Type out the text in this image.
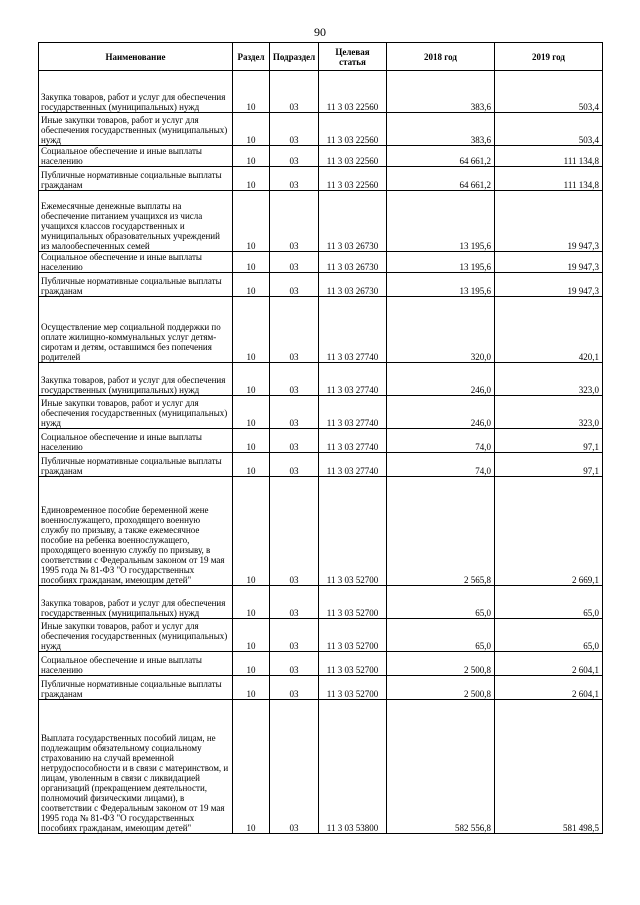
90
Наименование	Раздел	Подраздел	Целевая статья	2018 год	2019 год
Закупка товаров, работ и услуг для обеспечения государственных (муниципальных) нужд	10	03	11 3 03 22560	383,6	503,4
Иные закупки товаров, работ и услуг для обеспечения государственных (муниципальных) нужд	10	03	11 3 03 22560	383,6	503,4
Социальное обеспечение и иные выплаты населению	10	03	11 3 03 22560	64 661,2	111 134,8
Публичные нормативные социальные выплаты гражданам	10	03	11 3 03 22560	64 661,2	111 134,8
Ежемесячные денежные выплаты на обеспечение питанием учащихся из числа учащихся классов государственных и муниципальных образовательных учреждений из малообеспеченных семей	10	03	11 3 03 26730	13 195,6	19 947,3
Социальное обеспечение и иные выплаты населению	10	03	11 3 03 26730	13 195,6	19 947,3
Публичные нормативные социальные выплаты гражданам	10	03	11 3 03 26730	13 195,6	19 947,3
Осуществление мер социальной поддержки по оплате жилищно-коммунальных услуг детям-сиротам и детям, оставшимся без попечения родителей	10	03	11 3 03 27740	320,0	420,1
Закупка товаров, работ и услуг для обеспечения государственных (муниципальных) нужд	10	03	11 3 03 27740	246,0	323,0
Иные закупки товаров, работ и услуг для обеспечения государственных (муниципальных) нужд	10	03	11 3 03 27740	246,0	323,0
Социальное обеспечение и иные выплаты населению	10	03	11 3 03 27740	74,0	97,1
Публичные нормативные социальные выплаты гражданам	10	03	11 3 03 27740	74,0	97,1
Единовременное пособие беременной жене военнослужащего, проходящего военную службу по призыву, а также ежемесячное пособие на ребенка военнослужащего, проходящего военную службу по призыву, в соответствии с Федеральным законом от 19 мая 1995 года № 81-ФЗ "О государственных пособиях гражданам, имеющим детей"	10	03	11 3 03 52700	2 565,8	2 669,1
Закупка товаров, работ и услуг для обеспечения государственных (муниципальных) нужд	10	03	11 3 03 52700	65,0	65,0
Иные закупки товаров, работ и услуг для обеспечения государственных (муниципальных) нужд	10	03	11 3 03 52700	65,0	65,0
Социальное обеспечение и иные выплаты населению	10	03	11 3 03 52700	2 500,8	2 604,1
Публичные нормативные социальные выплаты гражданам	10	03	11 3 03 52700	2 500,8	2 604,1
Выплата государственных пособий лицам, не подлежащим обязательному социальному страхованию на случай временной нетрудоспособности и в связи с материнством, и лицам, уволенным в связи с ликвидацией организаций (прекращением деятельности, полномочий физическими лицами), в соответствии с Федеральным законом от 19 мая 1995 года № 81-ФЗ "О государственных пособиях гражданам, имеющим детей"	10	03	11 3 03 53800	582 556,8	581 498,5
